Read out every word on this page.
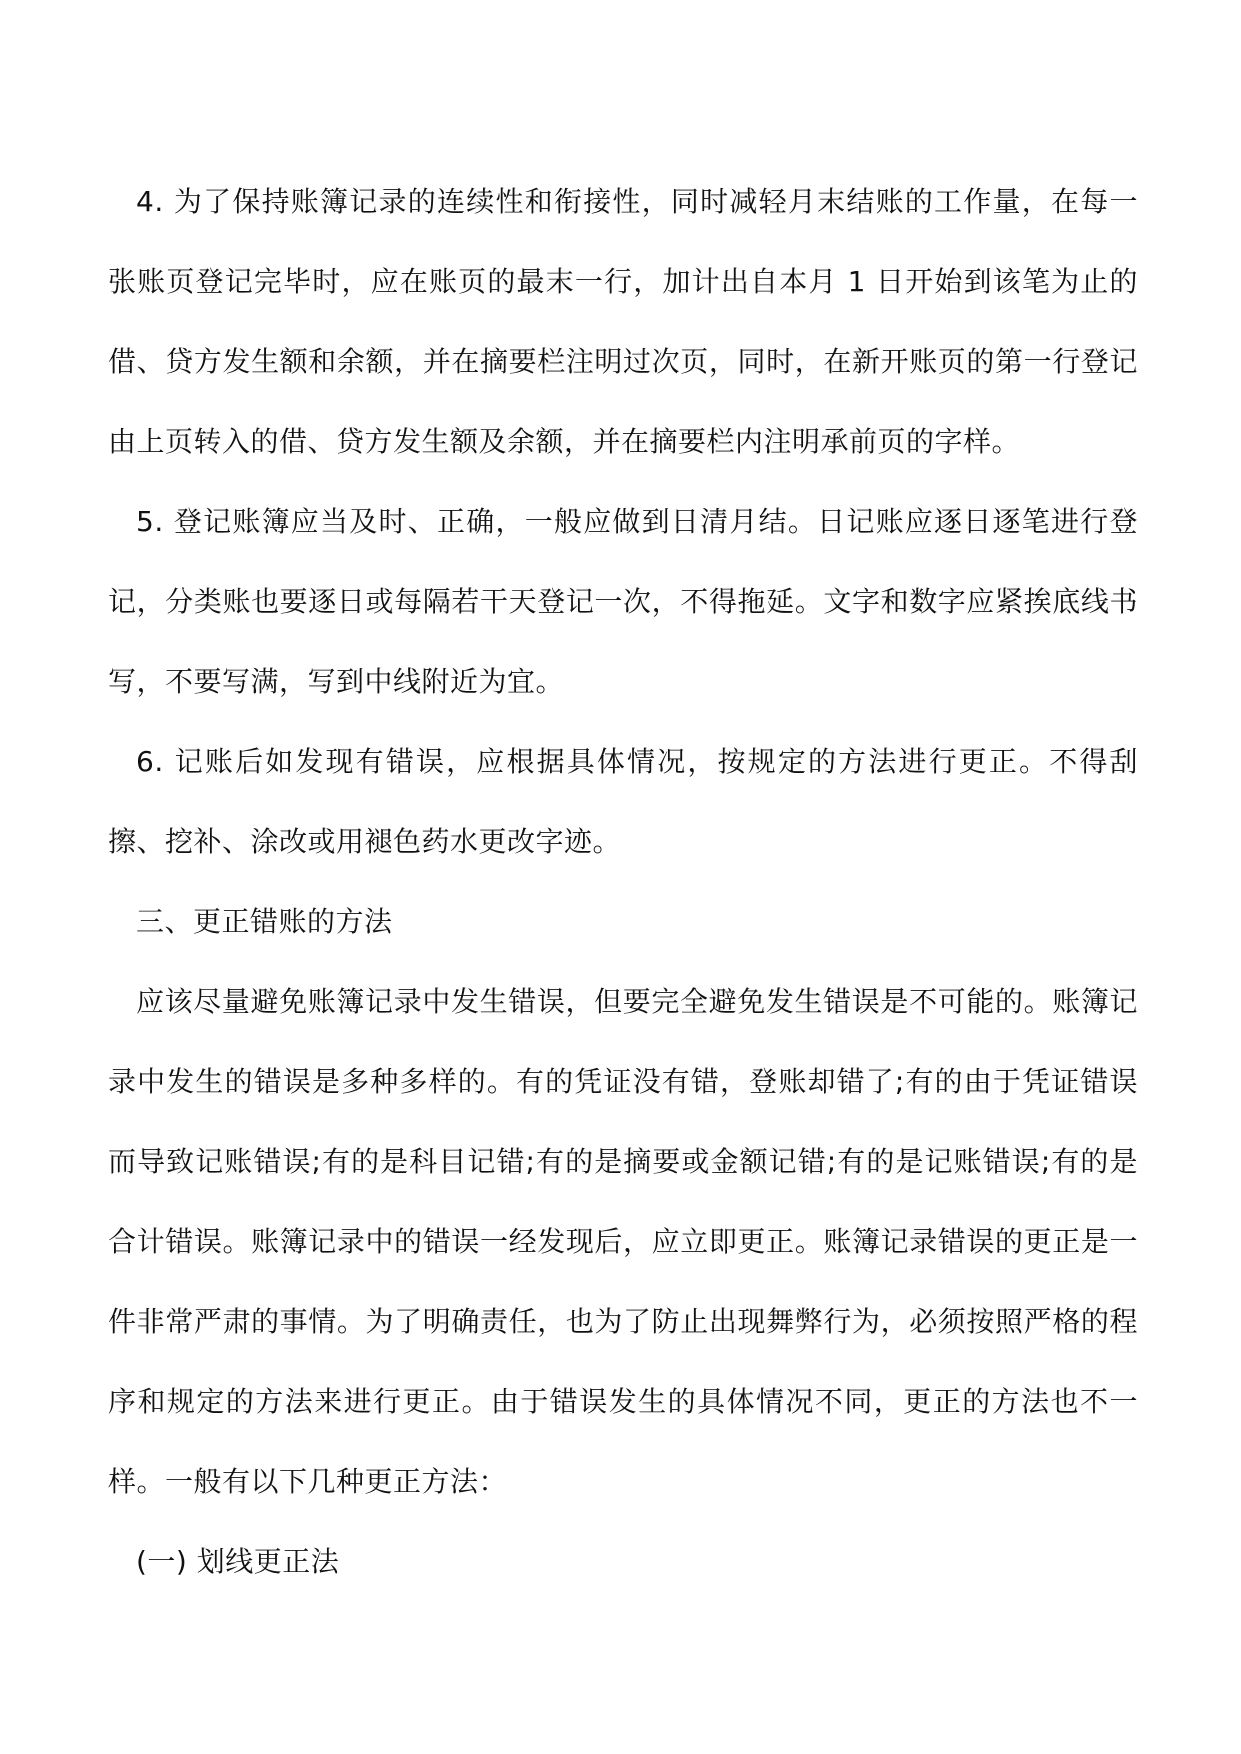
4. 为了保持账簿记录的连续性和衔接性，同时减轻月末结账的工作量，在每一张账页登记完毕时，应在账页的最末一行，加计出自本月 1 日开始到该笔为止的借、贷方发生额和余额，并在摘要栏注明过次页，同时，在新开账页的第一行登记由上页转入的借、贷方发生额及余额，并在摘要栏内注明承前页的字样。

5. 登记账簿应当及时、正确，一般应做到日清月结。日记账应逐日逐笔进行登记，分类账也要逐日或每隔若干天登记一次，不得拖延。文字和数字应紧挨底线书写，不要写满，写到中线附近为宜。

6. 记账后如发现有错误，应根据具体情况，按规定的方法进行更正。不得刮擦、挖补、涂改或用褪色药水更改字迹。

三、更正错账的方法

应该尽量避免账簿记录中发生错误，但要完全避免发生错误是不可能的。账簿记录中发生的错误是多种多样的。有的凭证没有错，登账却错了;有的由于凭证错误而导致记账错误;有的是科目记错;有的是摘要或金额记错;有的是记账错误;有的是合计错误。账簿记录中的错误一经发现后，应立即更正。账簿记录错误的更正是一件非常严肃的事情。为了明确责任，也为了防止出现舞弊行为，必须按照严格的程序和规定的方法来进行更正。由于错误发生的具体情况不同，更正的方法也不一样。一般有以下几种更正方法：

(一) 划线更正法
